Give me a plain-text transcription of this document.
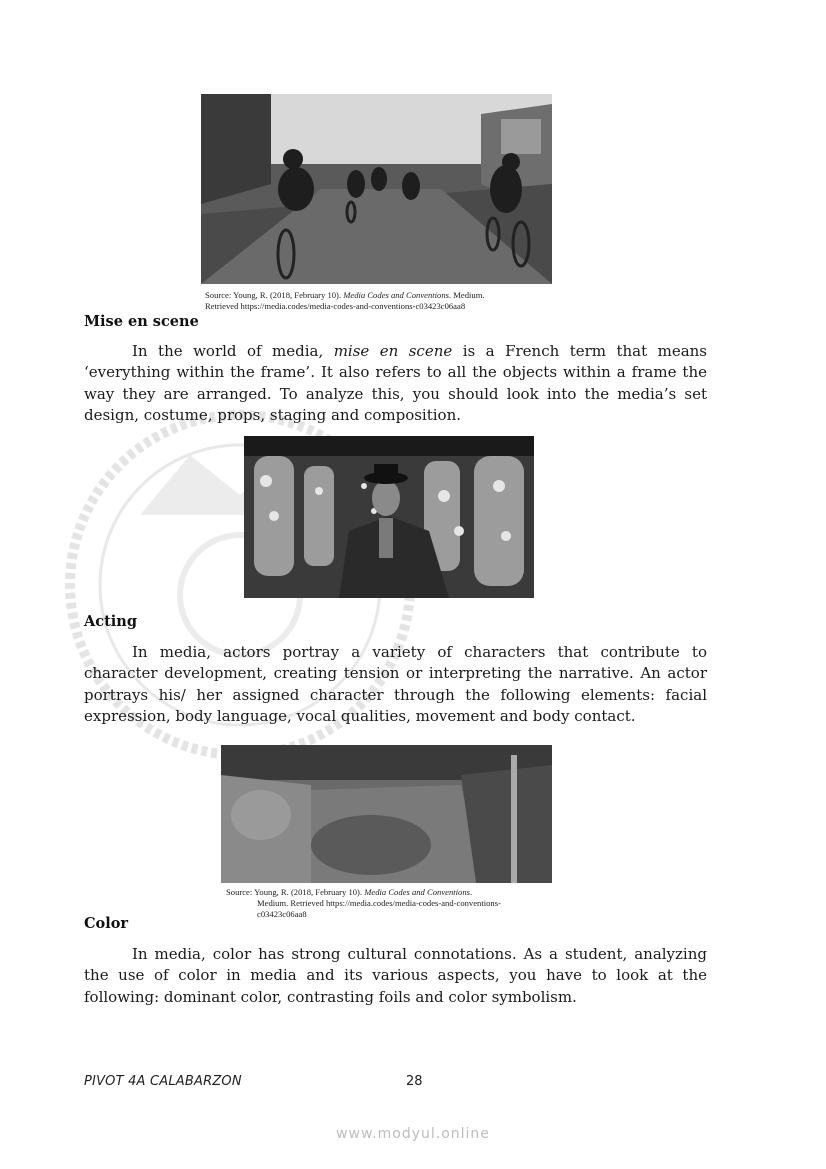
Source: Young, R. (2018, February 10). Media Codes and Conventions. Medium.
Retrieved https://media.codes/media-codes-and-conventions-c03423c06aa8
Mise en scene

In the world of media, mise en scene is a French term that means ‘everything within the frame’. It also refers to all the objects within a frame the way they are arranged. To analyze this, you should look into the media’s set design, costume, props, staging and composition.

Acting

In media, actors portray a variety of characters that contribute to character development, creating tension or interpreting the narrative. An actor portrays his/ her assigned character through the following elements: facial expression, body language, vocal qualities, movement and body contact.

Source: Young, R. (2018, February 10). Media Codes and Conventions.
Medium. Retrieved https://media.codes/media-codes-and-conventions-
c03423c06aa8
Color

In media, color has strong cultural connotations. As a student, analyzing the use of color in media and its various aspects, you have to look at the following: dominant color, contrasting foils and color symbolism.

PIVOT 4A CALABARZON	28
www.modyul.online
